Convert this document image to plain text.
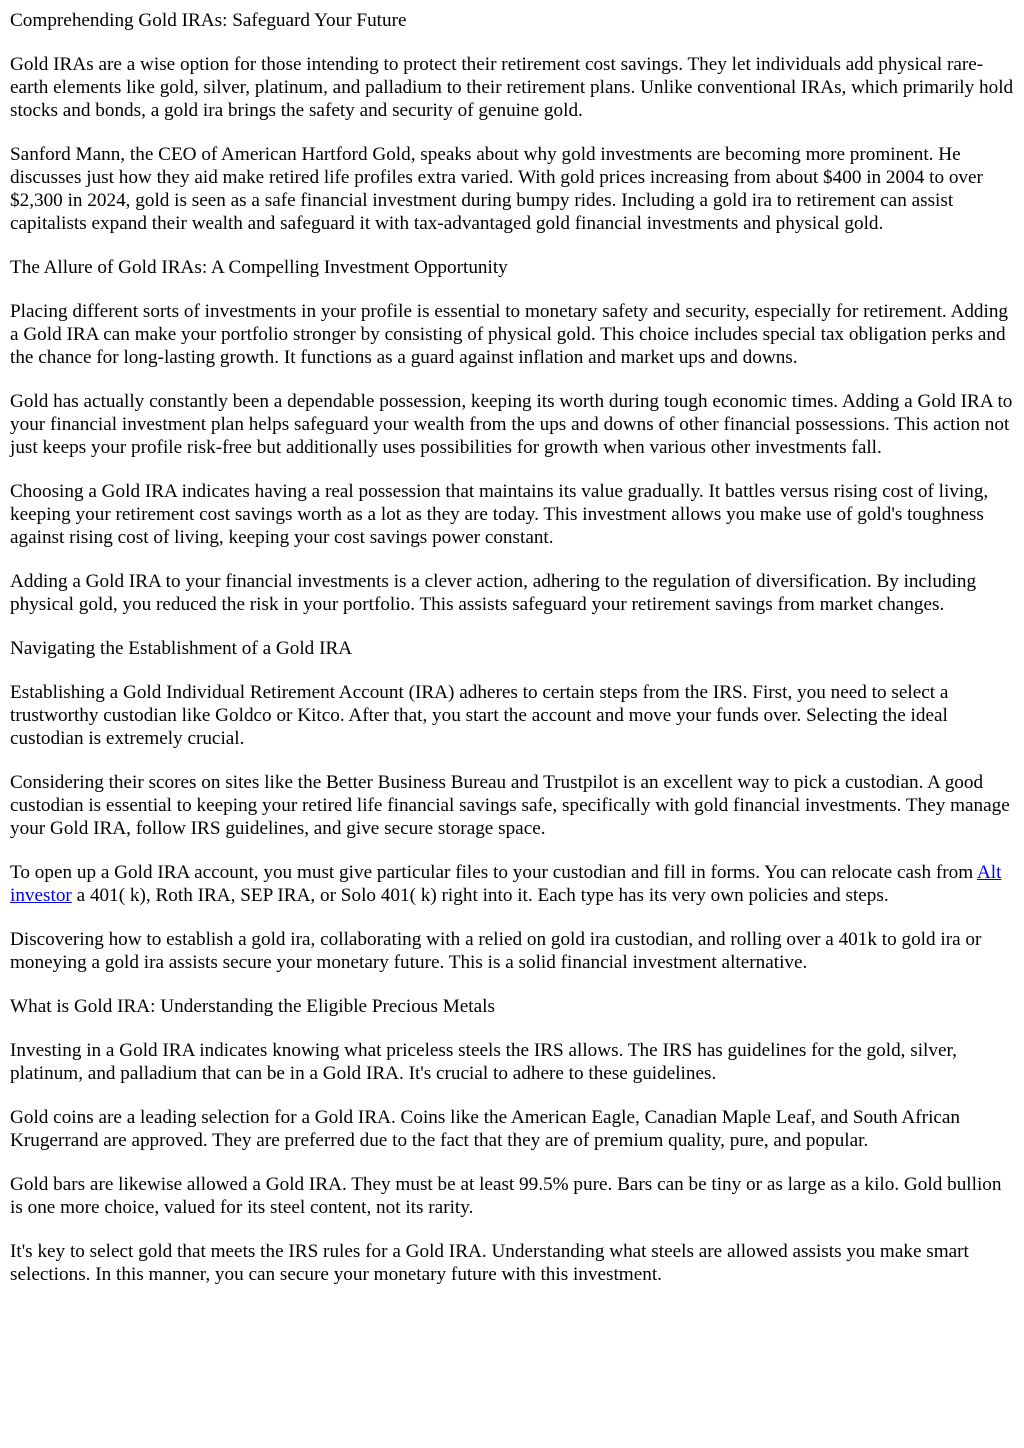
Comprehending Gold IRAs: Safeguard Your Future

Gold IRAs are a wise option for those intending to protect their retirement cost savings. They let individuals add physical rare-earth elements like gold, silver, platinum, and palladium to their retirement plans. Unlike conventional IRAs, which primarily hold stocks and bonds, a gold ira brings the safety and security of genuine gold.

Sanford Mann, the CEO of American Hartford Gold, speaks about why gold investments are becoming more prominent. He discusses just how they aid make retired life profiles extra varied. With gold prices increasing from about $400 in 2004 to over $2,300 in 2024, gold is seen as a safe financial investment during bumpy rides. Including a gold ira to retirement can assist capitalists expand their wealth and safeguard it with tax-advantaged gold financial investments and physical gold.

The Allure of Gold IRAs: A Compelling Investment Opportunity

Placing different sorts of investments in your profile is essential to monetary safety and security, especially for retirement. Adding a Gold IRA can make your portfolio stronger by consisting of physical gold. This choice includes special tax obligation perks and the chance for long-lasting growth. It functions as a guard against inflation and market ups and downs.

Gold has actually constantly been a dependable possession, keeping its worth during tough economic times. Adding a Gold IRA to your financial investment plan helps safeguard your wealth from the ups and downs of other financial possessions. This action not just keeps your profile risk-free but additionally uses possibilities for growth when various other investments fall.

Choosing a Gold IRA indicates having a real possession that maintains its value gradually. It battles versus rising cost of living, keeping your retirement cost savings worth as a lot as they are today. This investment allows you make use of gold's toughness against rising cost of living, keeping your cost savings power constant.

Adding a Gold IRA to your financial investments is a clever action, adhering to the regulation of diversification. By including physical gold, you reduced the risk in your portfolio. This assists safeguard your retirement savings from market changes.

Navigating the Establishment of a Gold IRA

Establishing a Gold Individual Retirement Account (IRA) adheres to certain steps from the IRS. First, you need to select a trustworthy custodian like Goldco or Kitco. After that, you start the account and move your funds over. Selecting the ideal custodian is extremely crucial.

Considering their scores on sites like the Better Business Bureau and Trustpilot is an excellent way to pick a custodian. A good custodian is essential to keeping your retired life financial savings safe, specifically with gold financial investments. They manage your Gold IRA, follow IRS guidelines, and give secure storage space.

To open up a Gold IRA account, you must give particular files to your custodian and fill in forms. You can relocate cash from Alt investor a 401( k), Roth IRA, SEP IRA, or Solo 401( k) right into it. Each type has its very own policies and steps.

Discovering how to establish a gold ira, collaborating with a relied on gold ira custodian, and rolling over a 401k to gold ira or moneying a gold ira assists secure your monetary future. This is a solid financial investment alternative.

What is Gold IRA: Understanding the Eligible Precious Metals

Investing in a Gold IRA indicates knowing what priceless steels the IRS allows. The IRS has guidelines for the gold, silver, platinum, and palladium that can be in a Gold IRA. It's crucial to adhere to these guidelines.

Gold coins are a leading selection for a Gold IRA. Coins like the American Eagle, Canadian Maple Leaf, and South African Krugerrand are approved. They are preferred due to the fact that they are of premium quality, pure, and popular.

Gold bars are likewise allowed a Gold IRA. They must be at least 99.5% pure. Bars can be tiny or as large as a kilo. Gold bullion is one more choice, valued for its steel content, not its rarity.

It's key to select gold that meets the IRS rules for a Gold IRA. Understanding what steels are allowed assists you make smart selections. In this manner, you can secure your monetary future with this investment.
